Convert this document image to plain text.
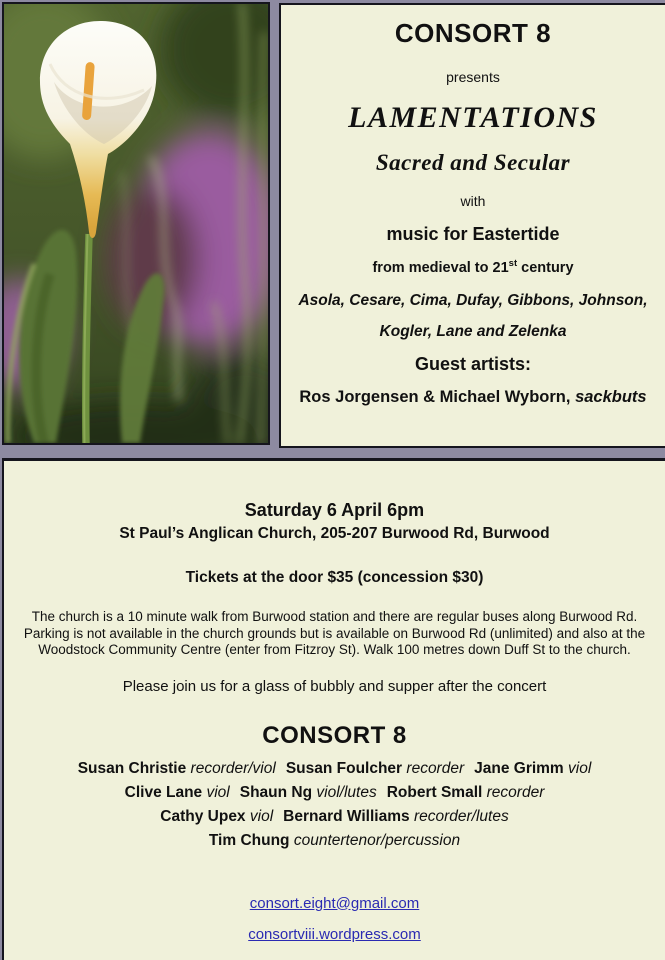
CONSORT 8
presents
LAMENTATIONS
Sacred and Secular
with
music for Eastertide
from medieval to 21st century
Asola, Cesare, Cima, Dufay, Gibbons, Johnson,
Kogler, Lane and Zelenka
Guest artists:
Ros Jorgensen & Michael Wyborn, sackbuts
Saturday 6 April 6pm
St Paul’s Anglican Church, 205-207 Burwood Rd, Burwood
Tickets at the door $35 (concession $30)
The church is a 10 minute walk from Burwood station and there are regular buses along Burwood Rd. Parking is not available in the church grounds but is available on Burwood Rd (unlimited) and also at the Woodstock Community Centre (enter from Fitzroy St). Walk 100 metres down Duff St to the church.
Please join us for a glass of bubbly and supper after the concert
CONSORT 8
Susan Christie recorder/viol Susan Foulcher recorder Jane Grimm viol
Clive Lane viol Shaun Ng viol/lutes Robert Small recorder
Cathy Upex viol Bernard Williams recorder/lutes
Tim Chung countertenor/percussion
consort.eight@gmail.com
consortviii.wordpress.com
